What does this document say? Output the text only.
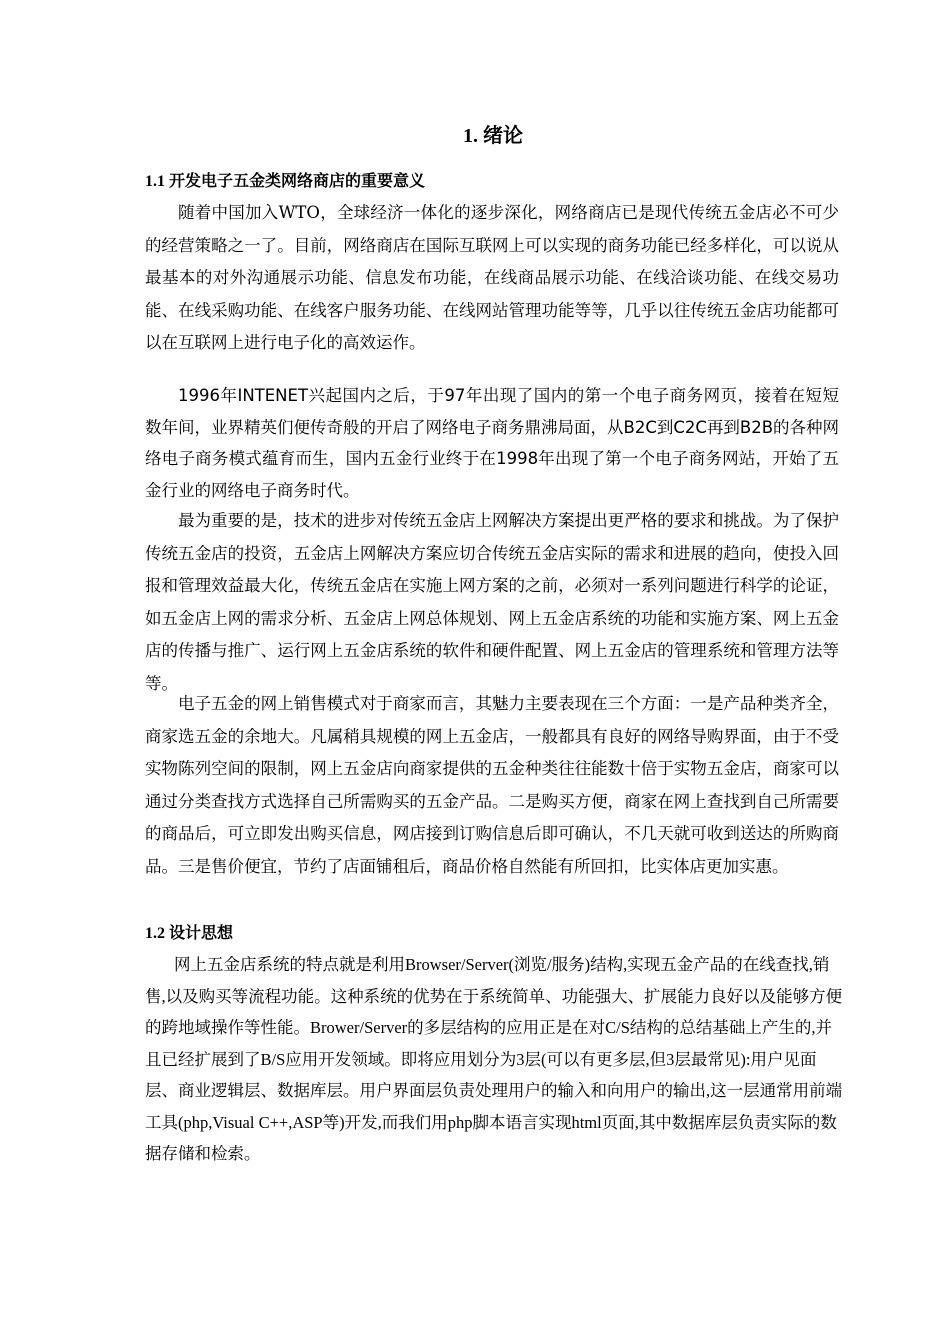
1. 绪论
1.1 开发电子五金类网络商店的重要意义

随着中国加入WTO，全球经济一体化的逐步深化，网络商店已是现代传统五金店必不可少的经营策略之一了。目前，网络商店在国际互联网上可以实现的商务功能已经多样化，可以说从最基本的对外沟通展示功能、信息发布功能，在线商品展示功能、在线洽谈功能、在线交易功能、在线采购功能、在线客户服务功能、在线网站管理功能等等，几乎以往传统五金店功能都可以在互联网上进行电子化的高效运作。

1996年INTENET兴起国内之后，于97年出现了国内的第一个电子商务网页，接着在短短数年间，业界精英们便传奇般的开启了网络电子商务鼎沸局面，从B2C到C2C再到B2B的各种网络电子商务模式蕴育而生，国内五金行业终于在1998年出现了第一个电子商务网站，开始了五金行业的网络电子商务时代。

最为重要的是，技术的进步对传统五金店上网解决方案提出更严格的要求和挑战。为了保护传统五金店的投资，五金店上网解决方案应切合传统五金店实际的需求和进展的趋向，使投入回报和管理效益最大化，传统五金店在实施上网方案的之前，必须对一系列问题进行科学的论证，如五金店上网的需求分析、五金店上网总体规划、网上五金店系统的功能和实施方案、网上五金店的传播与推广、运行网上五金店系统的软件和硬件配置、网上五金店的管理系统和管理方法等等。

电子五金的网上销售模式对于商家而言，其魅力主要表现在三个方面：一是产品种类齐全，商家选五金的余地大。凡属稍具规模的网上五金店，一般都具有良好的网络导购界面，由于不受实物陈列空间的限制，网上五金店向商家提供的五金种类往往能数十倍于实物五金店，商家可以通过分类查找方式选择自己所需购买的五金产品。二是购买方便，商家在网上查找到自己所需要的商品后，可立即发出购买信息，网店接到订购信息后即可确认，不几天就可收到送达的所购商品。三是售价便宜，节约了店面铺租后，商品价格自然能有所回扣，比实体店更加实惠。

1.2 设计思想

网上五金店系统的特点就是利用Browser/Server(浏览/服务)结构,实现五金产品的在线查找,销售,以及购买等流程功能。这种系统的优势在于系统简单、功能强大、扩展能力良好以及能够方便的跨地域操作等性能。Brower/Server的多层结构的应用正是在对C/S结构的总结基础上产生的,并且已经扩展到了B/S应用开发领域。即将应用划分为3层(可以有更多层,但3层最常见):用户见面层、商业逻辑层、数据库层。用户界面层负责处理用户的输入和向用户的输出,这一层通常用前端工具(php,Visual C++,ASP等)开发,而我们用php脚本语言实现html页面,其中数据库层负责实际的数据存储和检索。
